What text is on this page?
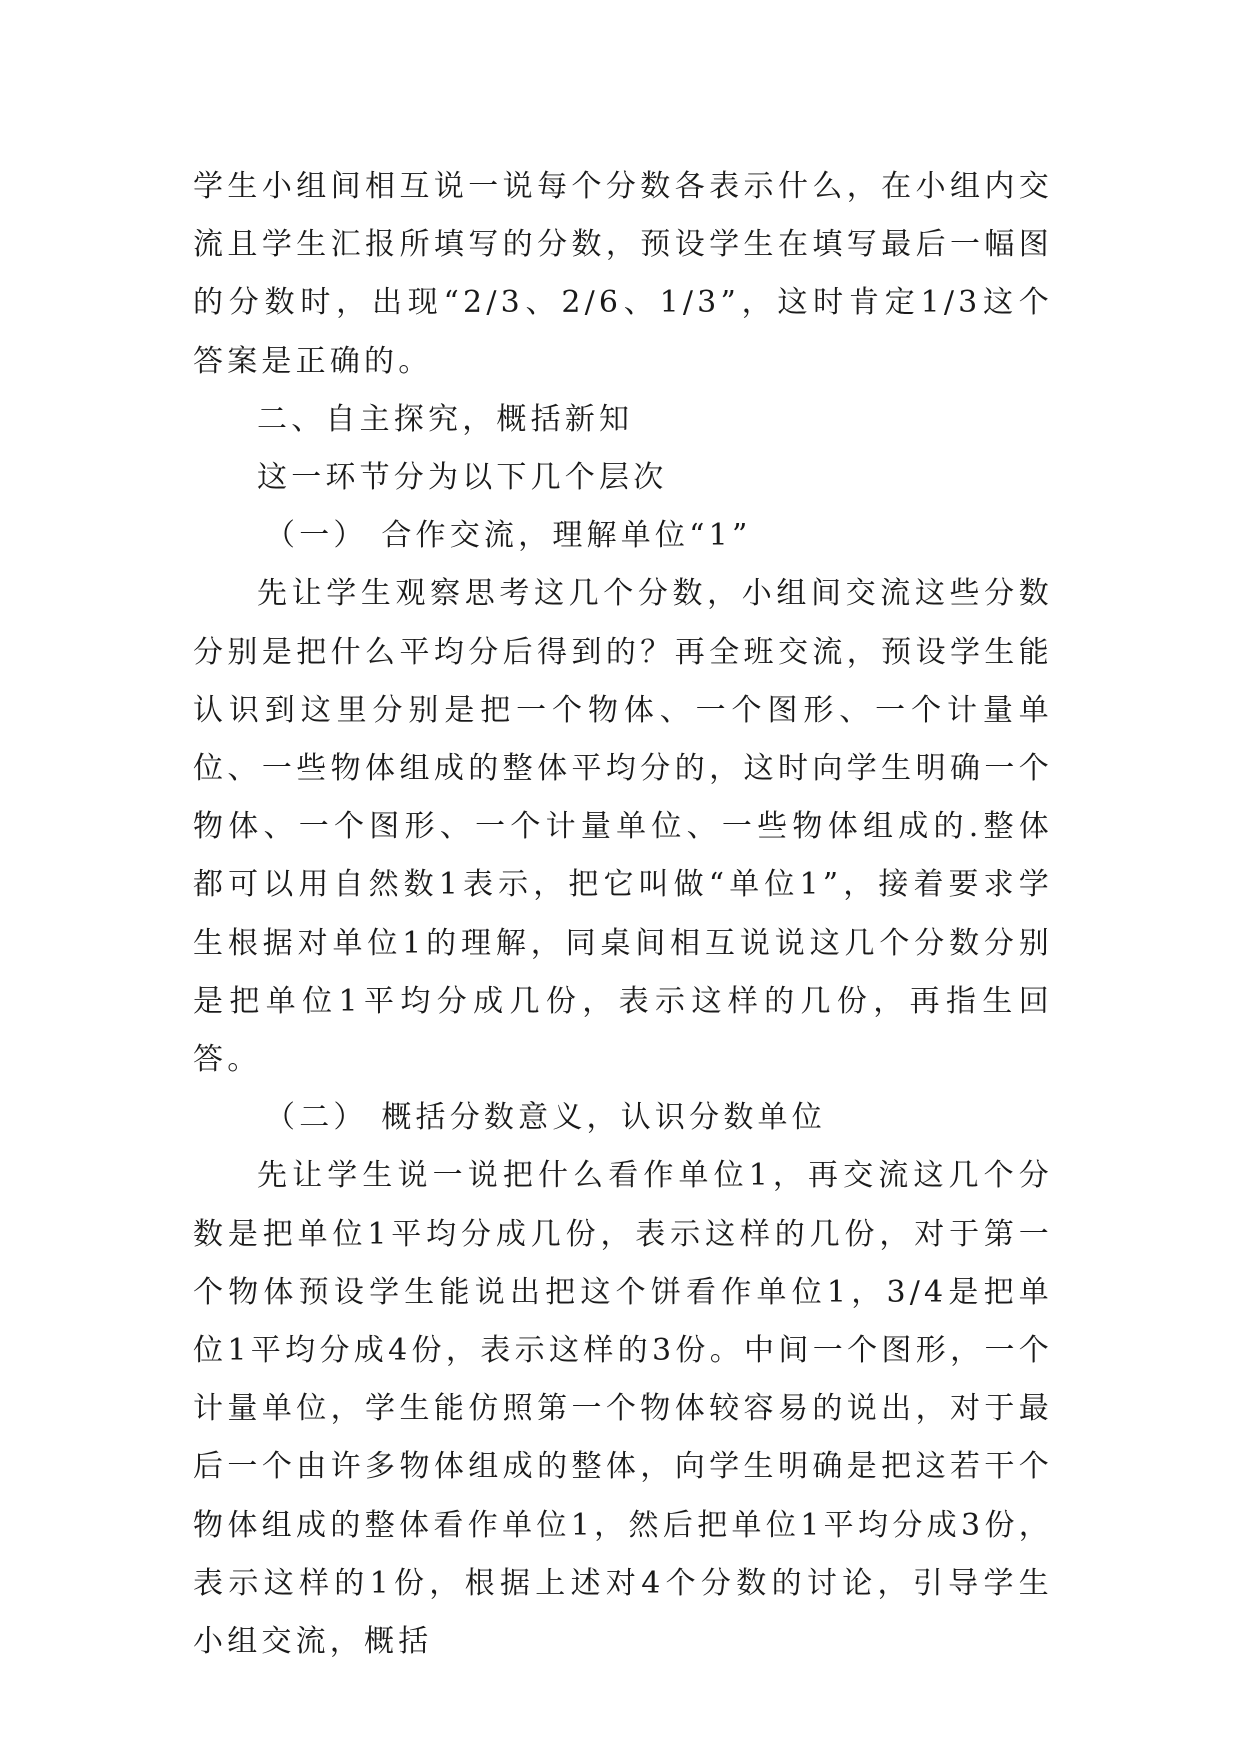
学生小组间相互说一说每个分数各表示什么，在小组内交流且学生汇报所填写的分数，预设学生在填写最后一幅图的分数时，出现“2/3、2/6、1/3”，这时肯定1/3这个答案是正确的。

二、自主探究，概括新知

这一环节分为以下几个层次

（一） 合作交流，理解单位“1”

先让学生观察思考这几个分数，小组间交流这些分数分别是把什么平均分后得到的？再全班交流，预设学生能认识到这里分别是把一个物体、一个图形、一个计量单位、一些物体组成的整体平均分的，这时向学生明确一个物体、一个图形、一个计量单位、一些物体组成的.整体都可以用自然数1表示，把它叫做“单位1”，接着要求学生根据对单位1的理解，同桌间相互说说这几个分数分别是把单位1平均分成几份，表示这样的几份，再指生回答。

（二） 概括分数意义，认识分数单位

先让学生说一说把什么看作单位1，再交流这几个分数是把单位1平均分成几份，表示这样的几份，对于第一个物体预设学生能说出把这个饼看作单位1，3/4是把单位1平均分成4份，表示这样的3份。中间一个图形，一个计量单位，学生能仿照第一个物体较容易的说出，对于最后一个由许多物体组成的整体，向学生明确是把这若干个物体组成的整体看作单位1，然后把单位1平均分成3份，表示这样的1份，根据上述对4个分数的讨论，引导学生小组交流，概括
